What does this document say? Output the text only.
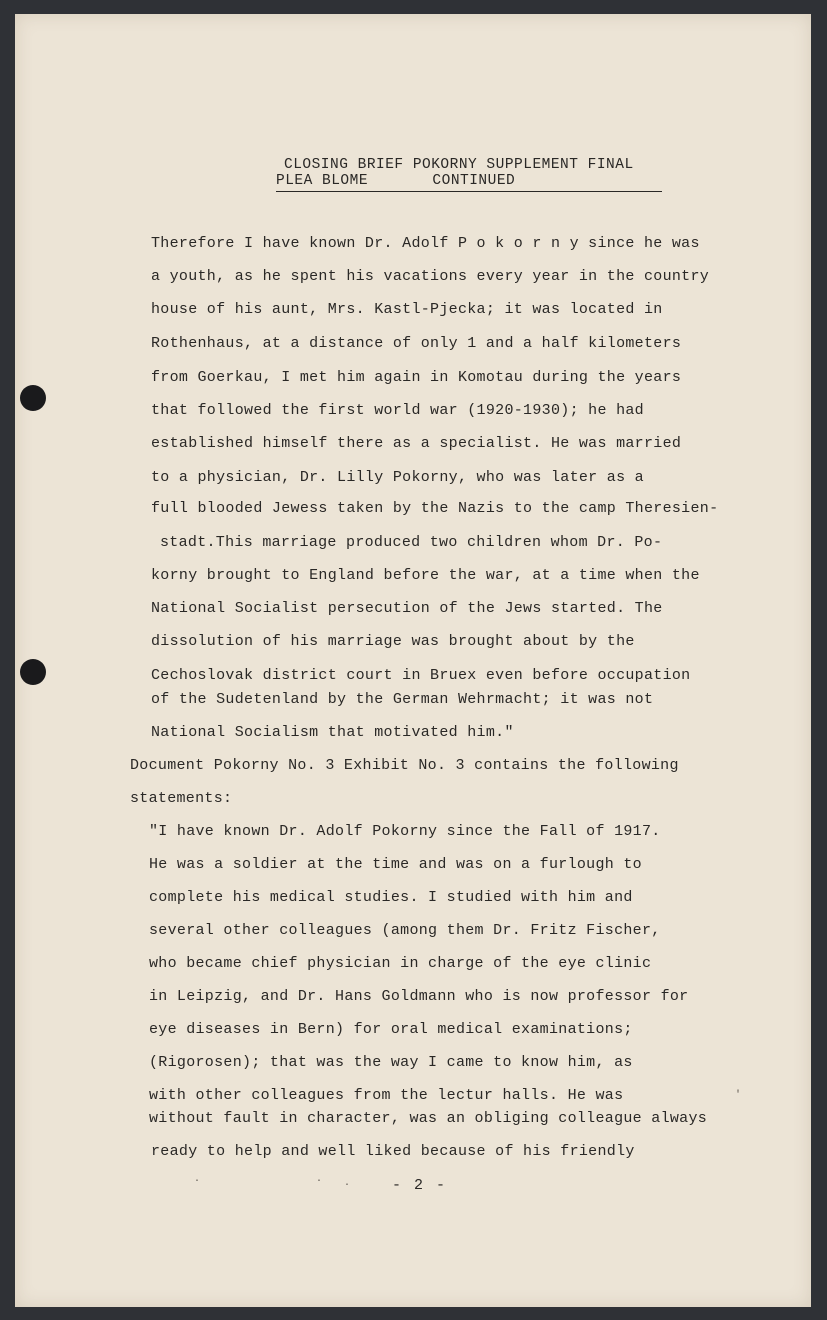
CLOSING BRIEF POKORNY SUPPLEMENT FINAL
PLEA BLOME       CONTINUED
Therefore I have known Dr. Adolf P o k o r n y since he was
a youth, as he spent his vacations every year in the country
house of his aunt, Mrs. Kastl-Pjecka; it was located in
Rothenhaus, at a distance of only 1 and a half kilometers
from Goerkau, I met him again in Komotau during the years
that followed the first world war (1920-1930); he had
established himself there as a specialist. He was married
to a physician, Dr. Lilly Pokorny, who was later as a
full blooded Jewess taken by the Nazis to the camp Theresien-
stadt.This marriage produced two children whom Dr. Po-
korny brought to England before the war, at a time when the
National Socialist persecution of the Jews started. The
dissolution of his marriage was brought about by the
Cechoslovak district court in Bruex even before occupation
of the Sudetenland by the German Wehrmacht; it was not
National Socialism that motivated him."
Document Pokorny No. 3 Exhibit No. 3 contains the following
statements:
"I have known Dr. Adolf Pokorny since the Fall of 1917.
He was a soldier at the time and was on a furlough to
complete his medical studies. I studied with him and
several other colleagues (among them Dr. Fritz Fischer,
who became chief physician in charge of the eye clinic
in Leipzig, and Dr. Hans Goldmann who is now professor for
eye diseases in Bern) for oral medical examinations;
(Rigorosen); that was the way I came to know him, as
with other colleagues from the lectur halls. He was
without fault in character, was an obliging colleague always
ready to help and well liked because of his friendly
- 2 -
·	· ·
'
